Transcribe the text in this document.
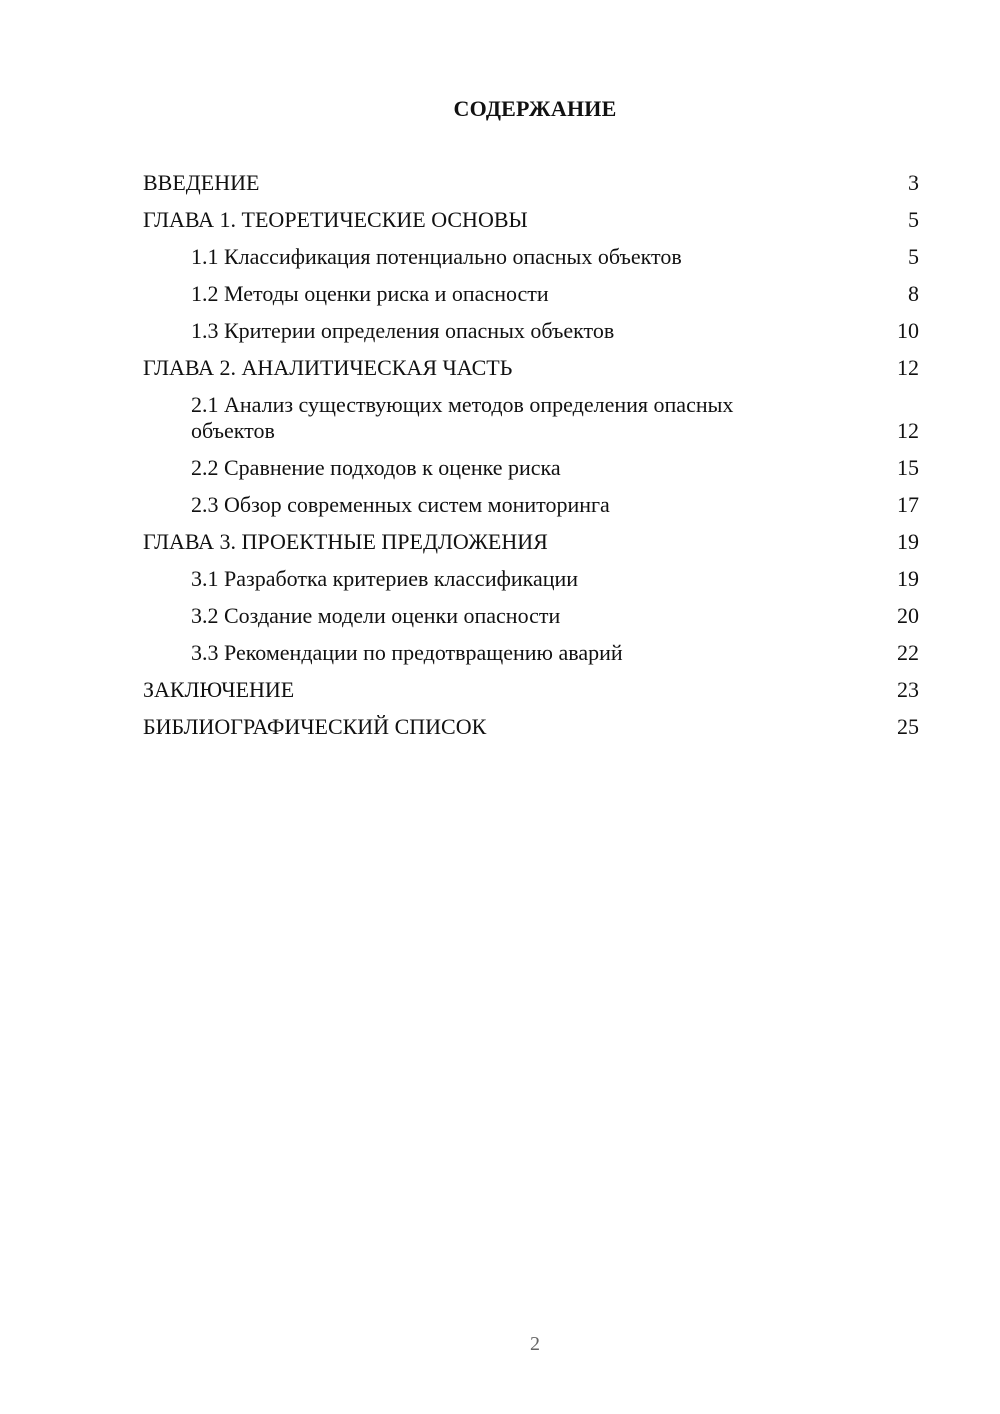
СОДЕРЖАНИЕ
ВВЕДЕНИЕ	3
ГЛАВА 1. ТЕОРЕТИЧЕСКИЕ ОСНОВЫ	5
1.1 Классификация потенциально опасных объектов	5
1.2 Методы оценки риска и опасности	8
1.3 Критерии определения опасных объектов	10
ГЛАВА 2. АНАЛИТИЧЕСКАЯ ЧАСТЬ	12
2.1 Анализ существующих методов определения опасных объектов	12
2.2 Сравнение подходов к оценке риска	15
2.3 Обзор современных систем мониторинга	17
ГЛАВА 3. ПРОЕКТНЫЕ ПРЕДЛОЖЕНИЯ	19
3.1 Разработка критериев классификации	19
3.2 Создание модели оценки опасности	20
3.3 Рекомендации по предотвращению аварий	22
ЗАКЛЮЧЕНИЕ	23
БИБЛИОГРАФИЧЕСКИЙ СПИСОК	25
2
